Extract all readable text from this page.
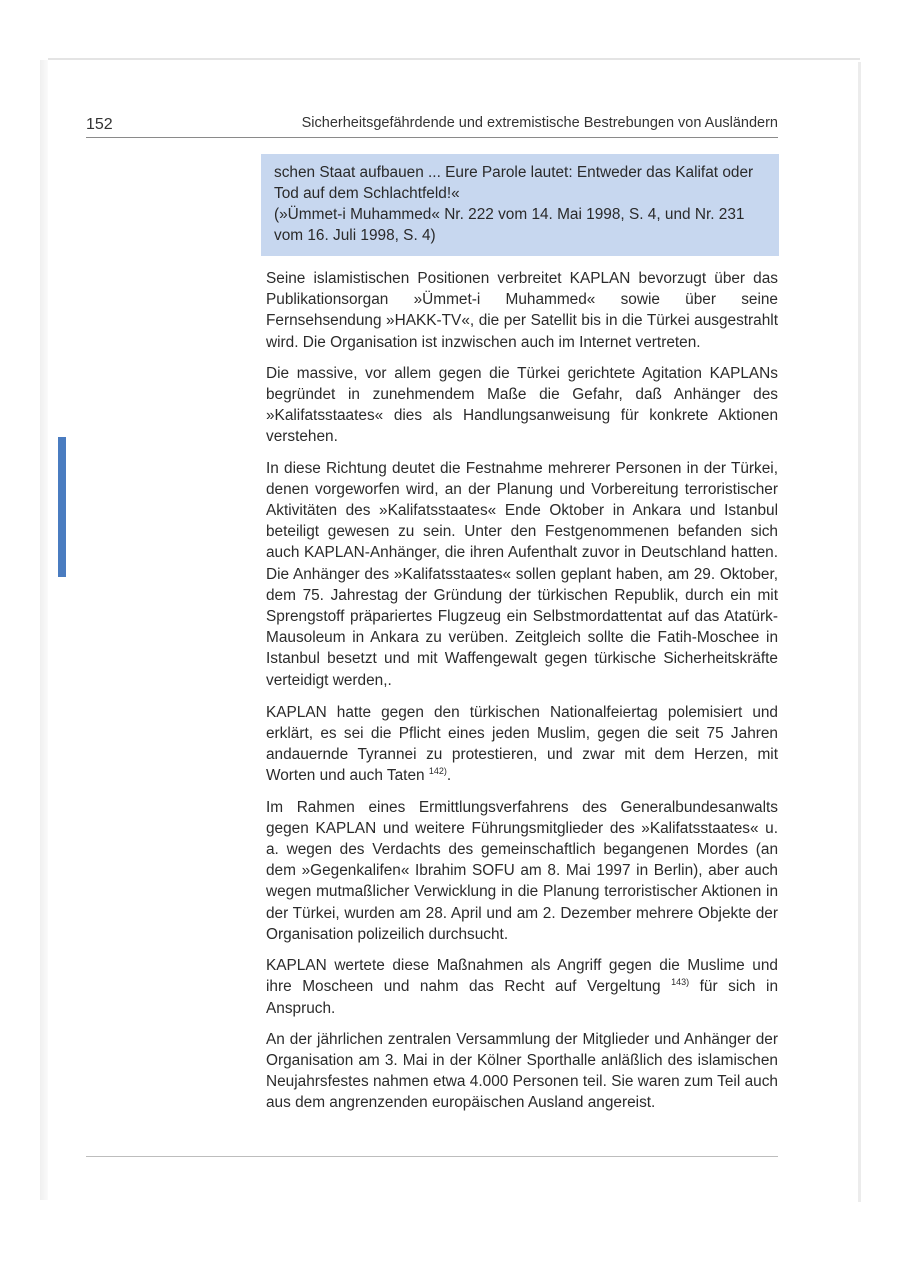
152	Sicherheitsgefährdende und extremistische Bestrebungen von Ausländern

schen Staat aufbauen ... Eure Parole lautet: Entweder das Kalifat oder Tod auf dem Schlachtfeld!«

(»Ümmet-i Muhammed« Nr. 222 vom 14. Mai 1998, S. 4, und Nr. 231 vom 16. Juli 1998, S. 4)

Seine islamistischen Positionen verbreitet KAPLAN bevorzugt über das Publikationsorgan »Ümmet-i Muhammed« sowie über seine Fernsehsendung »HAKK-TV«, die per Satellit bis in die Türkei ausgestrahlt wird. Die Organisation ist inzwischen auch im Internet vertreten.

Die massive, vor allem gegen die Türkei gerichtete Agitation KAPLANs begründet in zunehmendem Maße die Gefahr, daß Anhänger des »Kalifatsstaates« dies als Handlungsanweisung für konkrete Aktionen verstehen.

In diese Richtung deutet die Festnahme mehrerer Personen in der Türkei, denen vorgeworfen wird, an der Planung und Vorbereitung terroristischer Aktivitäten des »Kalifatsstaates« Ende Oktober in Ankara und Istanbul beteiligt gewesen zu sein. Unter den Festgenommenen befanden sich auch KAPLAN-Anhänger, die ihren Aufenthalt zuvor in Deutschland hatten. Die Anhänger des »Kalifatsstaates« sollen geplant haben, am 29. Oktober, dem 75. Jahrestag der Gründung der türkischen Republik, durch ein mit Sprengstoff präpariertes Flugzeug ein Selbstmordattentat auf das Atatürk-Mausoleum in Ankara zu verüben. Zeitgleich sollte die Fatih-Moschee in Istanbul besetzt und mit Waffengewalt gegen türkische Sicherheitskräfte verteidigt werden,.

KAPLAN hatte gegen den türkischen Nationalfeiertag polemisiert und erklärt, es sei die Pflicht eines jeden Muslim, gegen die seit 75 Jahren andauernde Tyrannei zu protestieren, und zwar mit dem Herzen, mit Worten und auch Taten $^{142)}$.

Im Rahmen eines Ermittlungsverfahrens des Generalbundesanwalts gegen KAPLAN und weitere Führungsmitglieder des »Kalifatsstaates« u. a. wegen des Verdachts des gemeinschaftlich begangenen Mordes (an dem »Gegenkalifen« Ibrahim SOFU am 8. Mai 1997 in Berlin), aber auch wegen mutmaßlicher Verwicklung in die Planung terroristischer Aktionen in der Türkei, wurden am 28. April und am 2. Dezember mehrere Objekte der Organisation polizeilich durchsucht.

KAPLAN wertete diese Maßnahmen als Angriff gegen die Muslime und ihre Moscheen und nahm das Recht auf Vergeltung $^{143)}$ für sich in Anspruch.

An der jährlichen zentralen Versammlung der Mitglieder und Anhänger der Organisation am 3. Mai in der Kölner Sporthalle anläßlich des islamischen Neujahrsfestes nahmen etwa 4.000 Personen teil. Sie waren zum Teil auch aus dem angrenzenden europäischen Ausland angereist.
